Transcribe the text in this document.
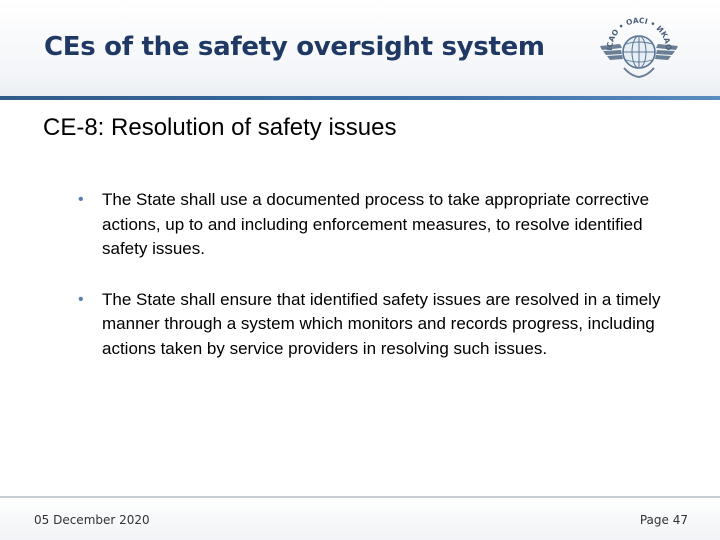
CEs of the safety oversight system	ICAO • OACI • ИКАО
CE-8: Resolution of safety issues
• The State shall use a documented process to take appropriate corrective actions, up to and including enforcement measures, to resolve identified safety issues.
• The State shall ensure that identified safety issues are resolved in a timely manner through a system which monitors and records progress, including actions taken by service providers in resolving such issues.
05 December 2020	Page 47
